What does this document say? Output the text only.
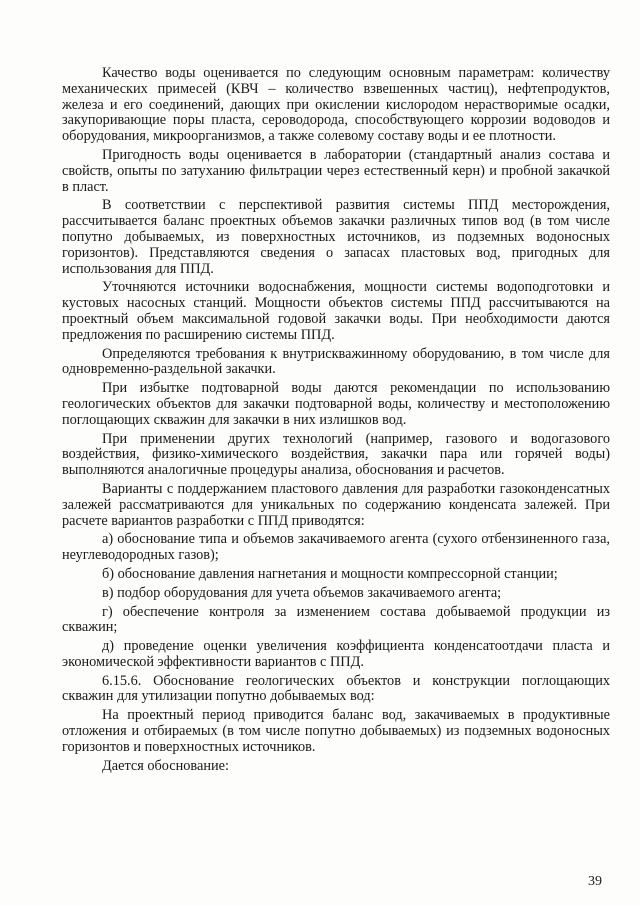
Качество воды оценивается по следующим основным параметрам: количеству механических примесей (КВЧ – количество взвешенных частиц), нефтепродуктов, железа и его соединений, дающих при окислении кислородом нерастворимые осадки, закупоривающие поры пласта, сероводорода, способствующего коррозии водоводов и оборудования, микроорганизмов, а также солевому составу воды и ее плотности.

Пригодность воды оценивается в лаборатории (стандартный анализ состава и свойств, опыты по затуханию фильтрации через естественный керн) и пробной закачкой в пласт.

В соответствии с перспективой развития системы ППД месторождения, рассчитывается баланс проектных объемов закачки различных типов вод (в том числе попутно добываемых, из поверхностных источников, из подземных водоносных горизонтов). Представляются сведения о запасах пластовых вод, пригодных для использования для ППД.

Уточняются источники водоснабжения, мощности системы водоподготовки и кустовых насосных станций. Мощности объектов системы ППД рассчитываются на проектный объем максимальной годовой закачки воды. При необходимости даются предложения по расширению системы ППД.

Определяются требования к внутрискважинному оборудованию, в том числе для одновременно-раздельной закачки.

При избытке подтоварной воды даются рекомендации по использованию геологических объектов для закачки подтоварной воды, количеству и местоположению поглощающих скважин для закачки в них излишков вод.

При применении других технологий (например, газового и водогазового воздействия, физико-химического воздействия, закачки пара или горячей воды) выполняются аналогичные процедуры анализа, обоснования и расчетов.

Варианты с поддержанием пластового давления для разработки газоконденсатных залежей рассматриваются для уникальных по содержанию конденсата залежей. При расчете вариантов разработки с ППД приводятся:

а) обоснование типа и объемов закачиваемого агента (сухого отбензиненного газа, неуглеводородных газов);

б) обоснование давления нагнетания и мощности компрессорной станции;

в) подбор оборудования для учета объемов закачиваемого агента;

г) обеспечение контроля за изменением состава добываемой продукции из скважин;

д) проведение оценки увеличения коэффициента конденсатоотдачи пласта и экономической эффективности вариантов с ППД.

6.15.6. Обоснование геологических объектов и конструкции поглощающих скважин для утилизации попутно добываемых вод:

На проектный период приводится баланс вод, закачиваемых в продуктивные отложения и отбираемых (в том числе попутно добываемых) из подземных водоносных горизонтов и поверхностных источников.

Дается обоснование:

39
